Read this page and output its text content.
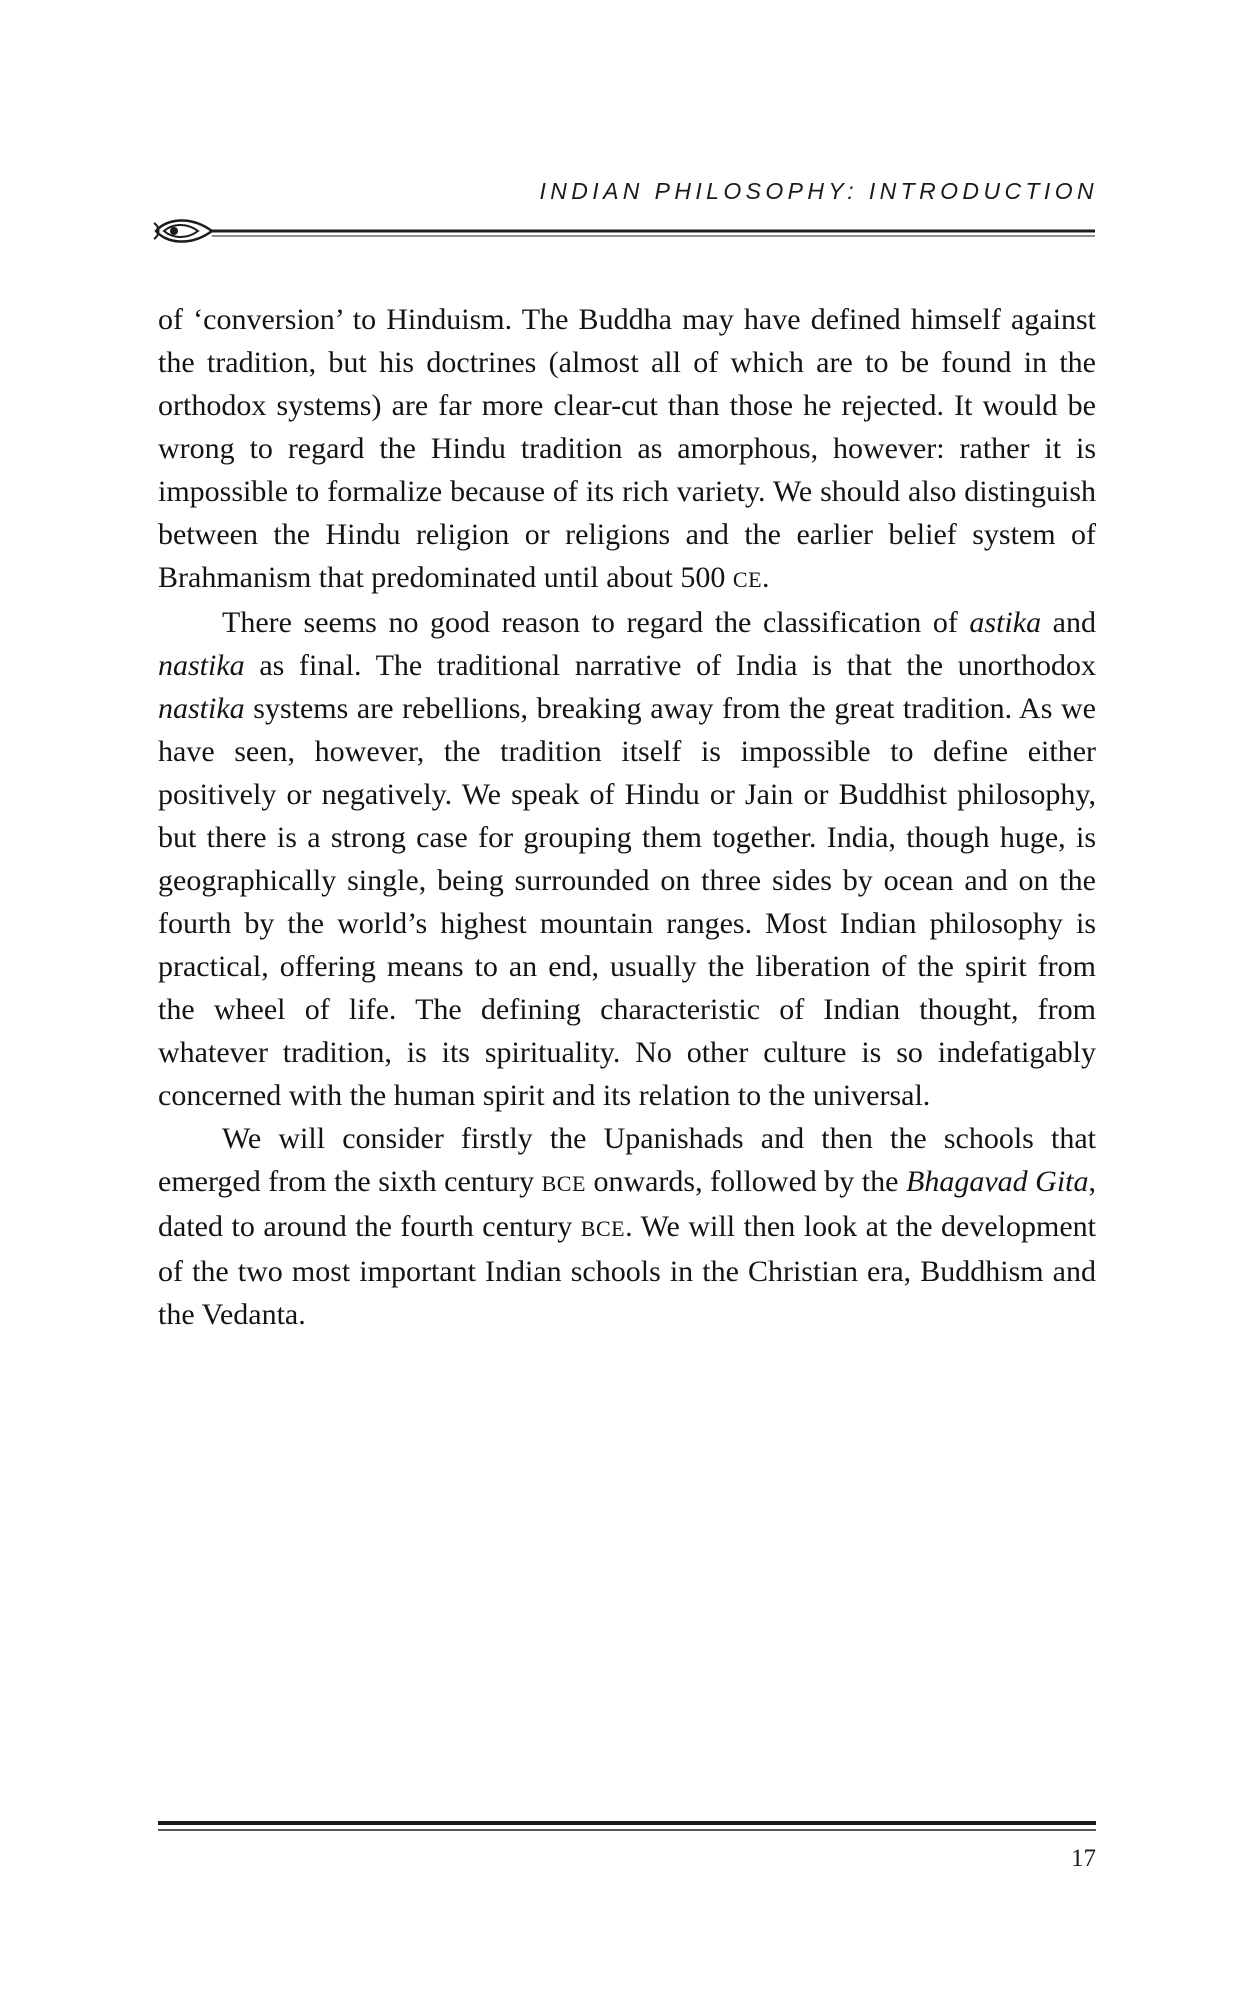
INDIAN PHILOSOPHY: INTRODUCTION

of ‘conversion’ to Hinduism. The Buddha may have defined himself against the tradition, but his doctrines (almost all of which are to be found in the orthodox systems) are far more clear-cut than those he rejected. It would be wrong to regard the Hindu tradition as amorphous, however: rather it is impossible to formalize because of its rich variety. We should also distinguish between the Hindu religion or religions and the earlier belief system of Brahmanism that predominated until about 500 CE.

There seems no good reason to regard the classification of astika and nastika as final. The traditional narrative of India is that the unorthodox nastika systems are rebellions, breaking away from the great tradition. As we have seen, however, the tradition itself is impossible to define either positively or negatively. We speak of Hindu or Jain or Buddhist philosophy, but there is a strong case for grouping them together. India, though huge, is geographically single, being surrounded on three sides by ocean and on the fourth by the world’s highest mountain ranges. Most Indian philosophy is practical, offering means to an end, usually the liberation of the spirit from the wheel of life. The defining characteristic of Indian thought, from whatever tradition, is its spirituality. No other culture is so indefatigably concerned with the human spirit and its relation to the universal.

We will consider firstly the Upanishads and then the schools that emerged from the sixth century BCE onwards, followed by the Bhagavad Gita, dated to around the fourth century BCE. We will then look at the development of the two most important Indian schools in the Christian era, Buddhism and the Vedanta.

17
